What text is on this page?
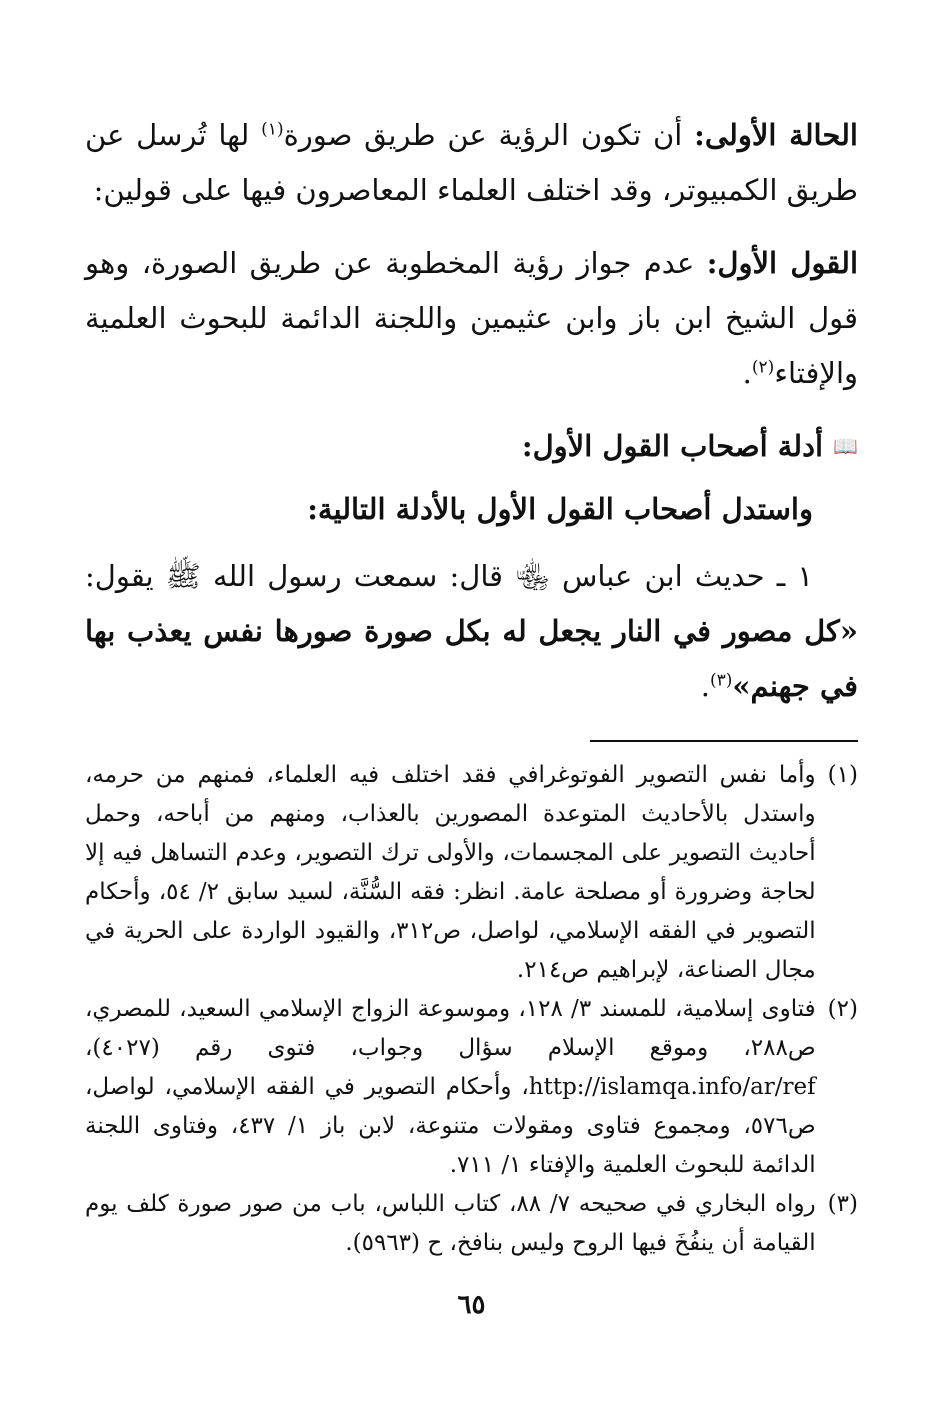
الحالة الأولى: أن تكون الرؤية عن طريق صورة$^{(١)}$ لها تُرسل عن طريق الكمبيوتر، وقد اختلف العلماء المعاصرون فيها على قولين:

القول الأول: عدم جواز رؤية المخطوبة عن طريق الصورة، وهو قول الشيخ ابن باز وابن عثيمين واللجنة الدائمة للبحوث العلمية والإفتاء$^{(٢)}$.

📖
أدلة أصحاب القول الأول:

واستدل أصحاب القول الأول بالأدلة التالية:

١ ـ حديث ابن عباس ﵄ قال: سمعت رسول الله ﷺ يقول: «كل مصور في النار يجعل له بكل صورة صورها نفس يعذب بها في جهنم»$^{(٣)}$.

(١)
وأما نفس التصوير الفوتوغرافي فقد اختلف فيه العلماء، فمنهم من حرمه، واستدل بالأحاديث المتوعدة المصورين بالعذاب، ومنهم من أباحه، وحمل أحاديث التصوير على المجسمات، والأولى ترك التصوير، وعدم التساهل فيه إلا لحاجة وضرورة أو مصلحة عامة. انظر: فقه السُّنَّة، لسيد سابق ٢/ ٥٤، وأحكام التصوير في الفقه الإسلامي، لواصل، ص٣١٢، والقيود الواردة على الحرية في مجال الصناعة، لإبراهيم ص٢١٤.
(٢)
فتاوى إسلامية، للمسند ٣/ ١٢٨، وموسوعة الزواج الإسلامي السعيد، للمصري، ص٢٨٨، وموقع الإسلام سؤال وجواب، فتوى رقم (٤٠٢٧)، http://islamqa.info/ar/ref، وأحكام التصوير في الفقه الإسلامي، لواصل، ص٥٧٦، ومجموع فتاوى ومقولات متنوعة، لابن باز ١/ ٤٣٧، وفتاوى اللجنة الدائمة للبحوث العلمية والإفتاء ١/ ٧١١.
(٣)
رواه البخاري في صحيحه ٧/ ٨٨، كتاب اللباس، باب من صور صورة كلف يوم القيامة أن ينفُخَ فيها الروح وليس بنافخ، ح (٥٩٦٣).
٦٥
